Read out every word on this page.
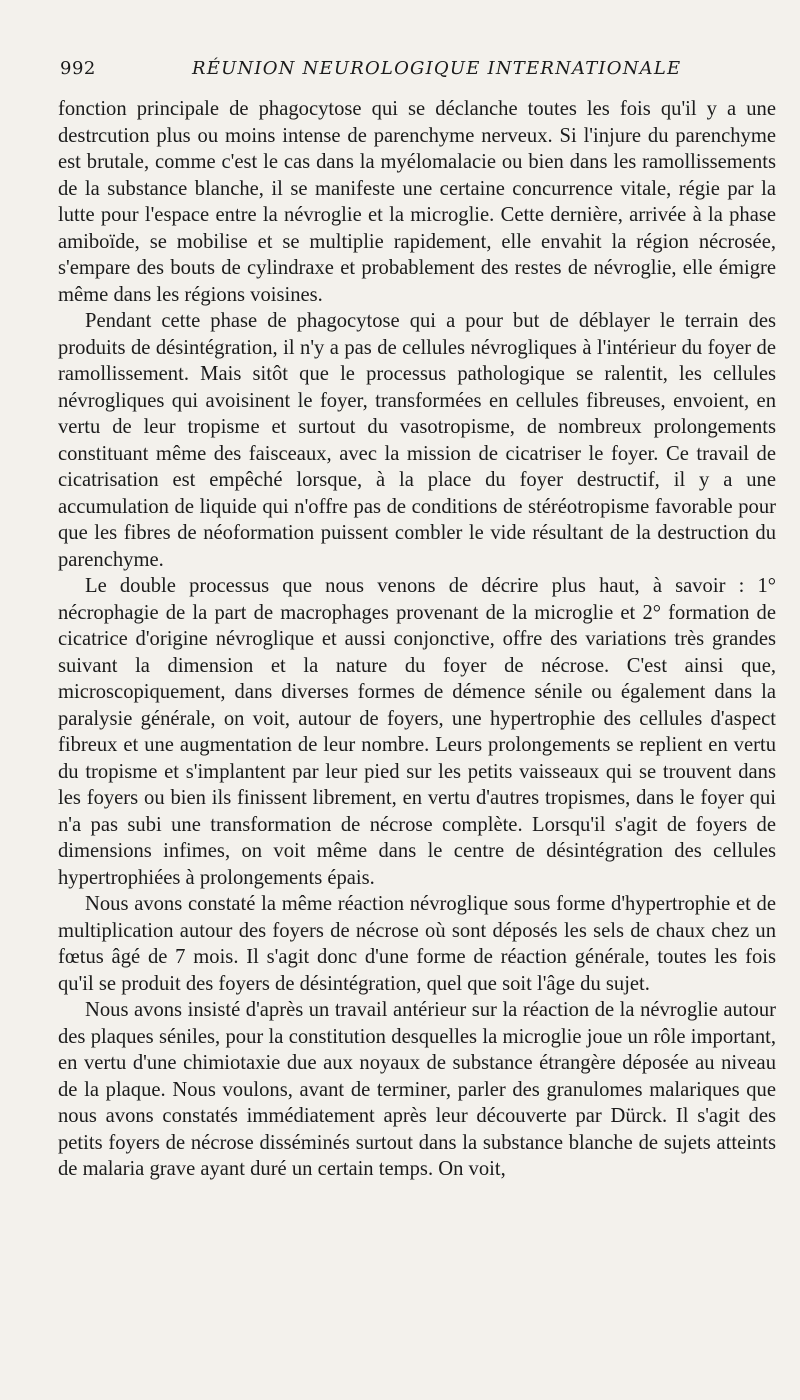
992	RÉUNION NEUROLOGIQUE INTERNATIONALE

fonction principale de phagocytose qui se déclanche toutes les fois qu'il y a une destrcution plus ou moins intense de parenchyme nerveux. Si l'injure du parenchyme est brutale, comme c'est le cas dans la myélomalacie ou bien dans les ramollissements de la substance blanche, il se manifeste une certaine concurrence vitale, régie par la lutte pour l'espace entre la névroglie et la microglie. Cette dernière, arrivée à la phase amiboïde, se mobilise et se multiplie rapidement, elle envahit la région nécrosée, s'empare des bouts de cylindraxe et probablement des restes de névroglie, elle émigre même dans les régions voisines.

Pendant cette phase de phagocytose qui a pour but de déblayer le terrain des produits de désintégration, il n'y a pas de cellules névrogliques à l'intérieur du foyer de ramollissement. Mais sitôt que le processus pathologique se ralentit, les cellules névrogliques qui avoisinent le foyer, transformées en cellules fibreuses, envoient, en vertu de leur tropisme et surtout du vasotropisme, de nombreux prolongements constituant même des faisceaux, avec la mission de cicatriser le foyer. Ce travail de cicatrisation est empêché lorsque, à la place du foyer destructif, il y a une accumulation de liquide qui n'offre pas de conditions de stéréotropisme favorable pour que les fibres de néoformation puissent combler le vide résultant de la destruction du parenchyme.

Le double processus que nous venons de décrire plus haut, à savoir : 1° nécrophagie de la part de macrophages provenant de la microglie et 2° formation de cicatrice d'origine névroglique et aussi conjonctive, offre des variations très grandes suivant la dimension et la nature du foyer de nécrose. C'est ainsi que, microscopiquement, dans diverses formes de démence sénile ou également dans la paralysie générale, on voit, autour de foyers, une hypertrophie des cellules d'aspect fibreux et une augmentation de leur nombre. Leurs prolongements se replient en vertu du tropisme et s'implantent par leur pied sur les petits vaisseaux qui se trouvent dans les foyers ou bien ils finissent librement, en vertu d'autres tropismes, dans le foyer qui n'a pas subi une transformation de nécrose complète. Lorsqu'il s'agit de foyers de dimensions infimes, on voit même dans le centre de désintégration des cellules hypertrophiées à prolongements épais.

Nous avons constaté la même réaction névroglique sous forme d'hypertrophie et de multiplication autour des foyers de nécrose où sont déposés les sels de chaux chez un fœtus âgé de 7 mois. Il s'agit donc d'une forme de réaction générale, toutes les fois qu'il se produit des foyers de désintégration, quel que soit l'âge du sujet.

Nous avons insisté d'après un travail antérieur sur la réaction de la névroglie autour des plaques séniles, pour la constitution desquelles la microglie joue un rôle important, en vertu d'une chimiotaxie due aux noyaux de substance étrangère déposée au niveau de la plaque. Nous voulons, avant de terminer, parler des granulomes malariques que nous avons constatés immédiatement après leur découverte par Dürck. Il s'agit des petits foyers de nécrose disséminés surtout dans la substance blanche de sujets atteints de malaria grave ayant duré un certain temps. On voit,
